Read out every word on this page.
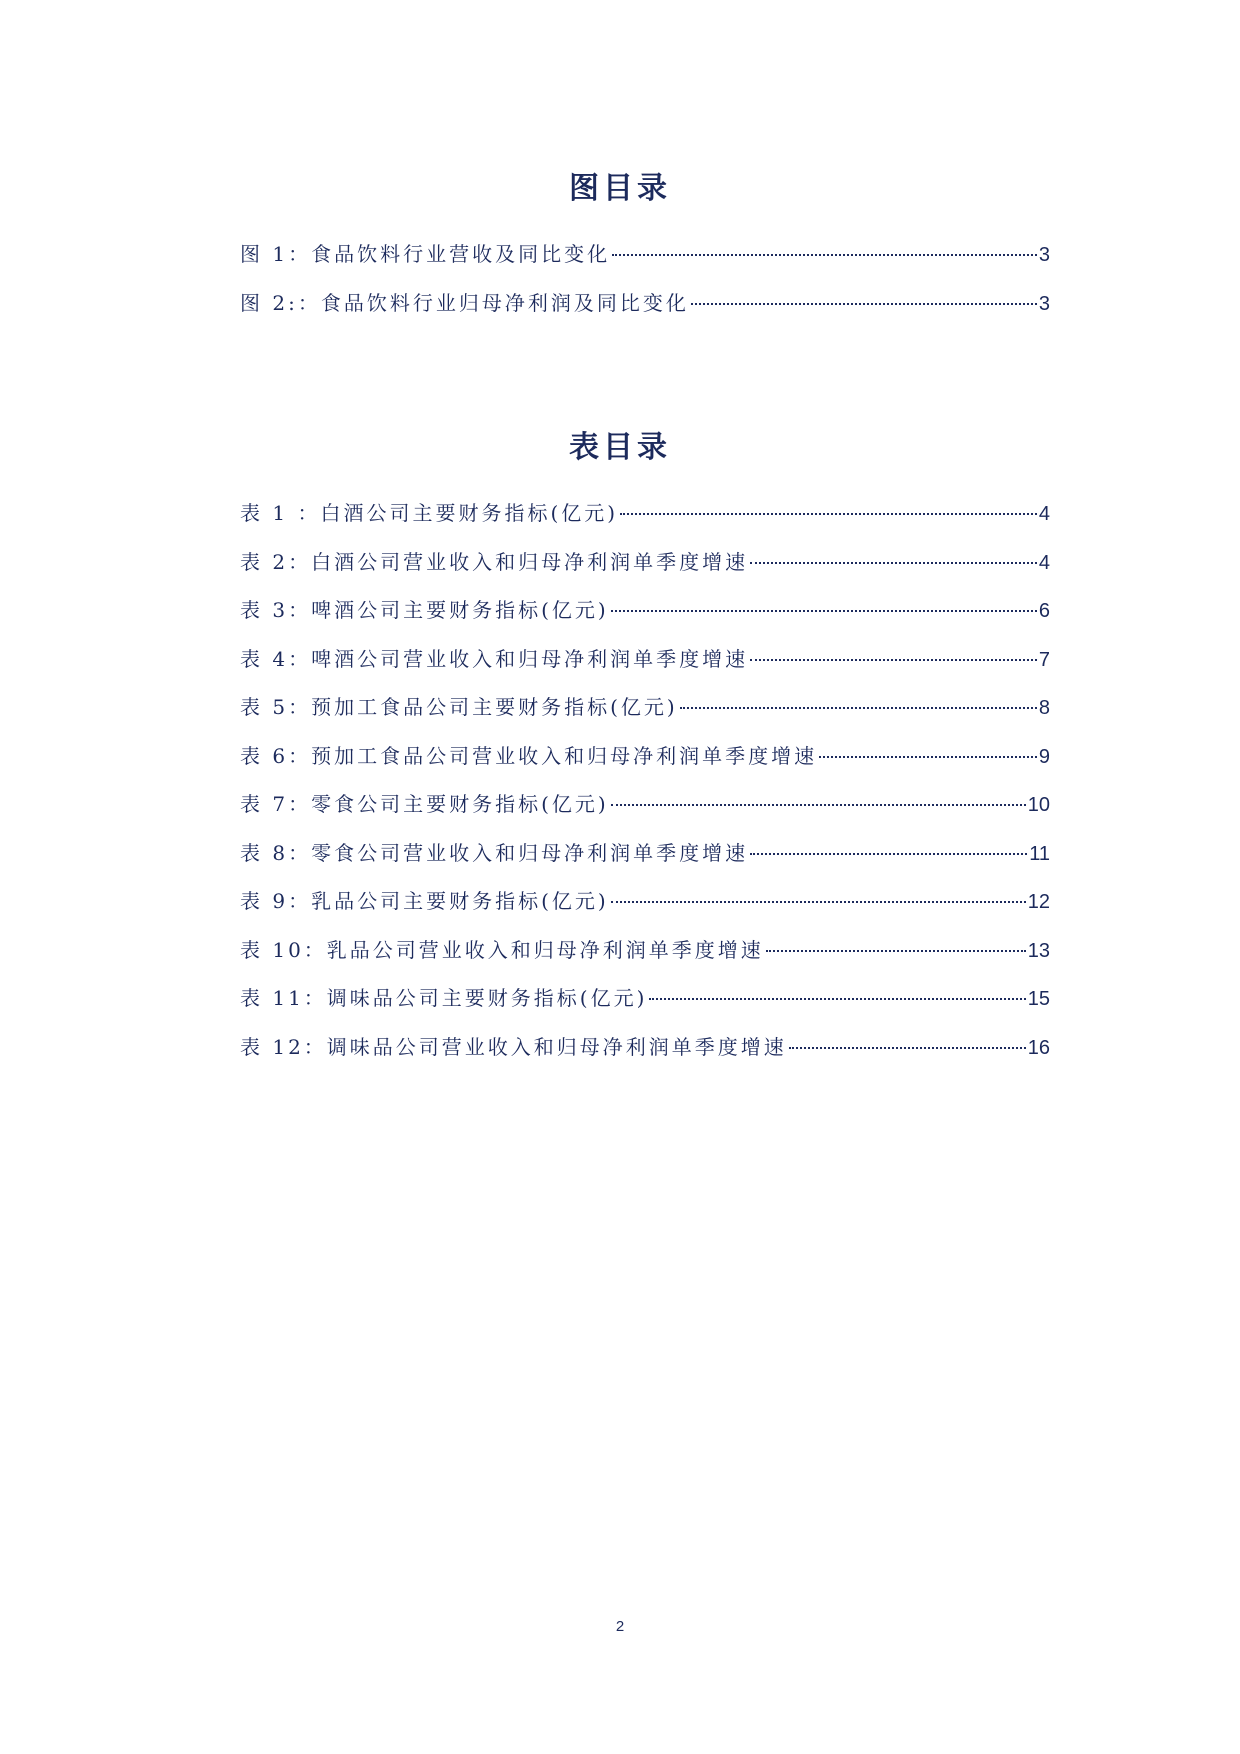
图目录
图 1：食品饮料行业营收及同比变化	3
图 2:：食品饮料行业归母净利润及同比变化	3
表目录
表 1 ：白酒公司主要财务指标(亿元)	4
表 2：白酒公司营业收入和归母净利润单季度增速	4
表 3：啤酒公司主要财务指标(亿元)	6
表 4：啤酒公司营业收入和归母净利润单季度增速	7
表 5：预加工食品公司主要财务指标(亿元)	8
表 6：预加工食品公司营业收入和归母净利润单季度增速	9
表 7：零食公司主要财务指标(亿元)	10
表 8：零食公司营业收入和归母净利润单季度增速	11
表 9：乳品公司主要财务指标(亿元)	12
表 10：乳品公司营业收入和归母净利润单季度增速	13
表 11：调味品公司主要财务指标(亿元)	15
表 12：调味品公司营业收入和归母净利润单季度增速	16
2
